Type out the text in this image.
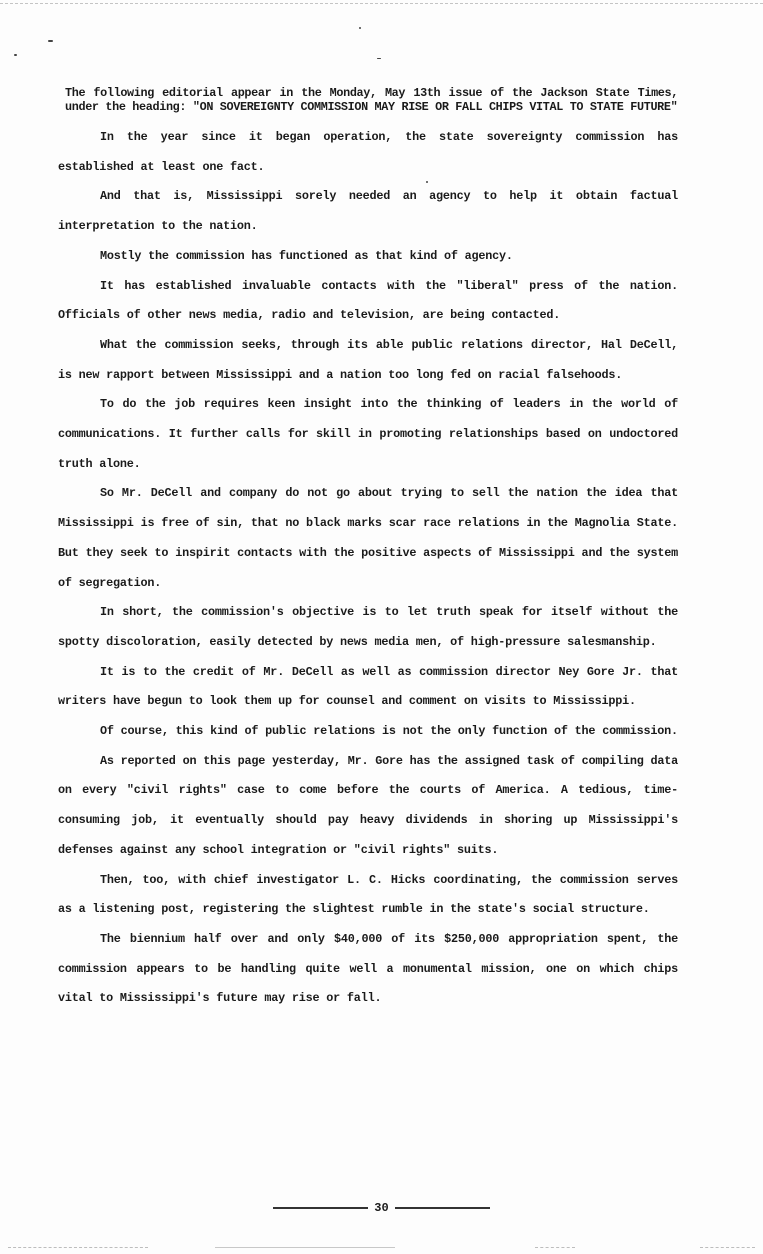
The following editorial appear in the Monday, May 13th issue of the Jackson State Times, under the heading: "ON SOVEREIGNTY COMMISSION MAY RISE OR FALL CHIPS VITAL TO STATE FUTURE"

In the year since it began operation, the state sovereignty commission has established at least one fact.

And that is, Mississippi sorely needed an agency to help it obtain factual interpretation to the nation.

Mostly the commission has functioned as that kind of agency.

It has established invaluable contacts with the "liberal" press of the nation. Officials of other news media, radio and television, are being contacted.

What the commission seeks, through its able public relations director, Hal DeCell, is new rapport between Mississippi and a nation too long fed on racial falsehoods.

To do the job requires keen insight into the thinking of leaders in the world of communications. It further calls for skill in promoting relationships based on undoctored truth alone.

So Mr. DeCell and company do not go about trying to sell the nation the idea that Mississippi is free of sin, that no black marks scar race relations in the Magnolia State. But they seek to inspirit contacts with the positive aspects of Mississippi and the system of segregation.

In short, the commission's objective is to let truth speak for itself without the spotty discoloration, easily detected by news media men, of high-pressure salesmanship.

It is to the credit of Mr. DeCell as well as commission director Ney Gore Jr. that writers have begun to look them up for counsel and comment on visits to Mississippi.

Of course, this kind of public relations is not the only function of the commission.

As reported on this page yesterday, Mr. Gore has the assigned task of compiling data on every "civil rights" case to come before the courts of America. A tedious, time-consuming job, it eventually should pay heavy dividends in shoring up Mississippi's defenses against any school integration or "civil rights" suits.

Then, too, with chief investigator L. C. Hicks coordinating, the commission serves as a listening post, registering the slightest rumble in the state's social structure.

The biennium half over and only $40,000 of its $250,000 appropriation spent, the commission appears to be handling quite well a monumental mission, one on which chips vital to Mississippi's future may rise or fall.

30
